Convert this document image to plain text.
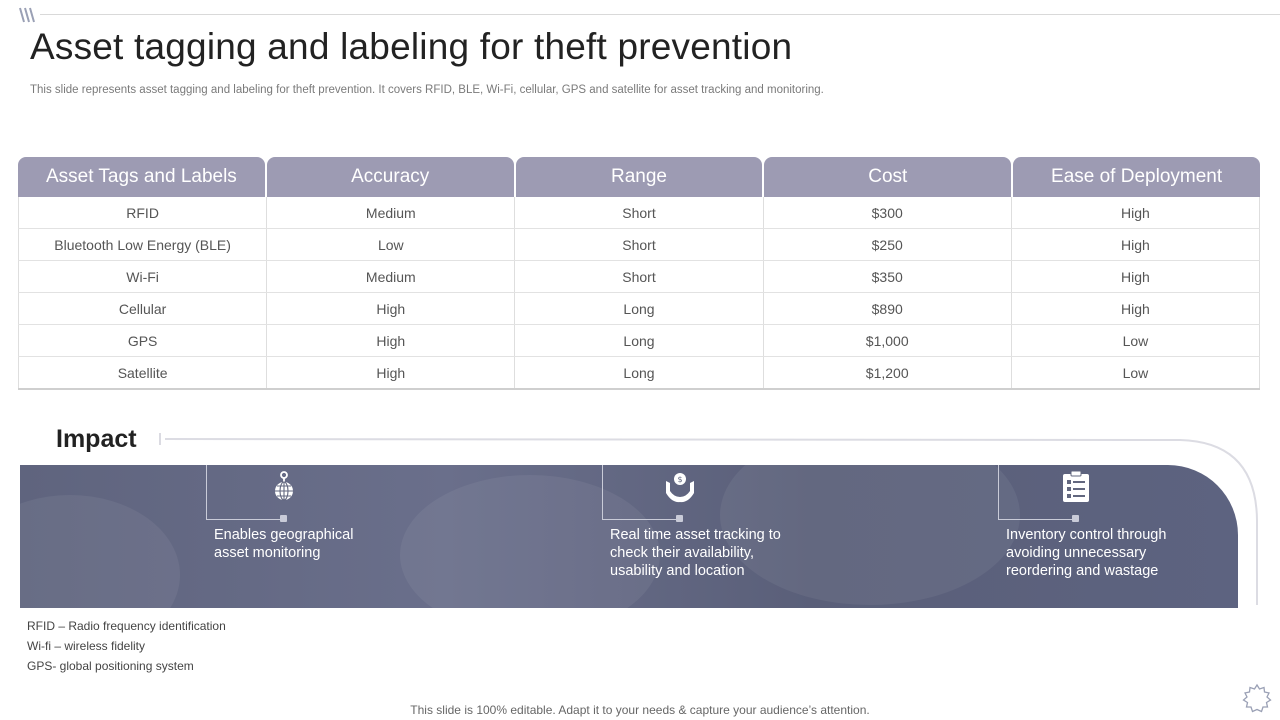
Asset tagging and labeling for theft prevention
This slide represents asset tagging and labeling for theft prevention. It covers RFID, BLE, Wi-Fi, cellular, GPS and satellite for asset tracking and monitoring.
Asset Tags and Labels	Accuracy	Range	Cost	Ease of Deployment
RFID	Medium	Short	$300	High
Bluetooth Low Energy (BLE)	Low	Short	$250	High
Wi-Fi	Medium	Short	$350	High
Cellular	High	Long	$890	High
GPS	High	Long	$1,000	Low
Satellite	High	Long	$1,200	Low
Impact
Enables geographical
asset monitoring
$
Real time asset tracking to
check their availability,
usability and location
Inventory control through
avoiding unnecessary
reordering and wastage
RFID – Radio frequency identification
Wi-fi – wireless fidelity
GPS- global positioning system
This slide is 100% editable. Adapt it to your needs & capture your audience’s attention.
